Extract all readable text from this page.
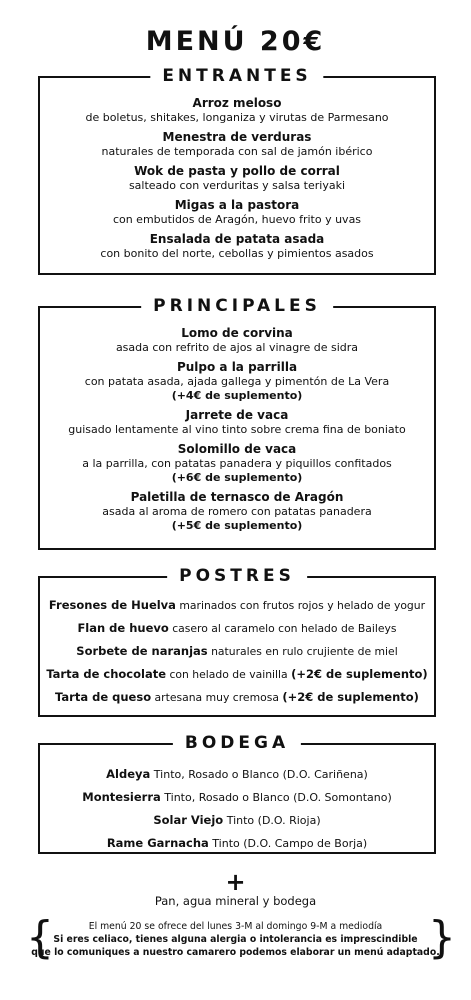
MENÚ 20€
ENTRANTES
Arroz meloso
de boletus, shitakes, longaniza y virutas de Parmesano
Menestra de verduras
naturales de temporada con sal de jamón ibérico
Wok de pasta y pollo de corral
salteado con verduritas y salsa teriyaki
Migas a la pastora
con embutidos de Aragón, huevo frito y uvas
Ensalada de patata asada
con bonito del norte, cebollas y pimientos asados
PRINCIPALES
Lomo de corvina
asada con refrito de ajos al vinagre de sidra
Pulpo a la parrilla
con patata asada, ajada gallega y pimentón de La Vera
(+4€ de suplemento)
Jarrete de vaca
guisado lentamente al vino tinto sobre crema fina de boniato
Solomillo de vaca
a la parrilla, con patatas panadera y piquillos confitados
(+6€ de suplemento)
Paletilla de ternasco de Aragón
asada al aroma de romero con patatas panadera
(+5€ de suplemento)
POSTRES
Fresones de Huelva marinados con frutos rojos y helado de yogur
Flan de huevo casero al caramelo con helado de Baileys
Sorbete de naranjas naturales en rulo crujiente de miel
Tarta de chocolate con helado de vainilla (+2€ de suplemento)
Tarta de queso artesana muy cremosa (+2€ de suplemento)
BODEGA
Aldeya Tinto, Rosado o Blanco (D.O. Cariñena)
Montesierra Tinto, Rosado o Blanco (D.O. Somontano)
Solar Viejo Tinto (D.O. Rioja)
Rame Garnacha Tinto (D.O. Campo de Borja)
+
Pan, agua mineral y bodega
{	El menú 20 se ofrece del lunes 3-M al domingo 9-M a mediodía
Si eres celiaco, tienes alguna alergia o intolerancia es imprescindible
que lo comuniques a nuestro camarero podemos elaborar un menú adaptado.
}
